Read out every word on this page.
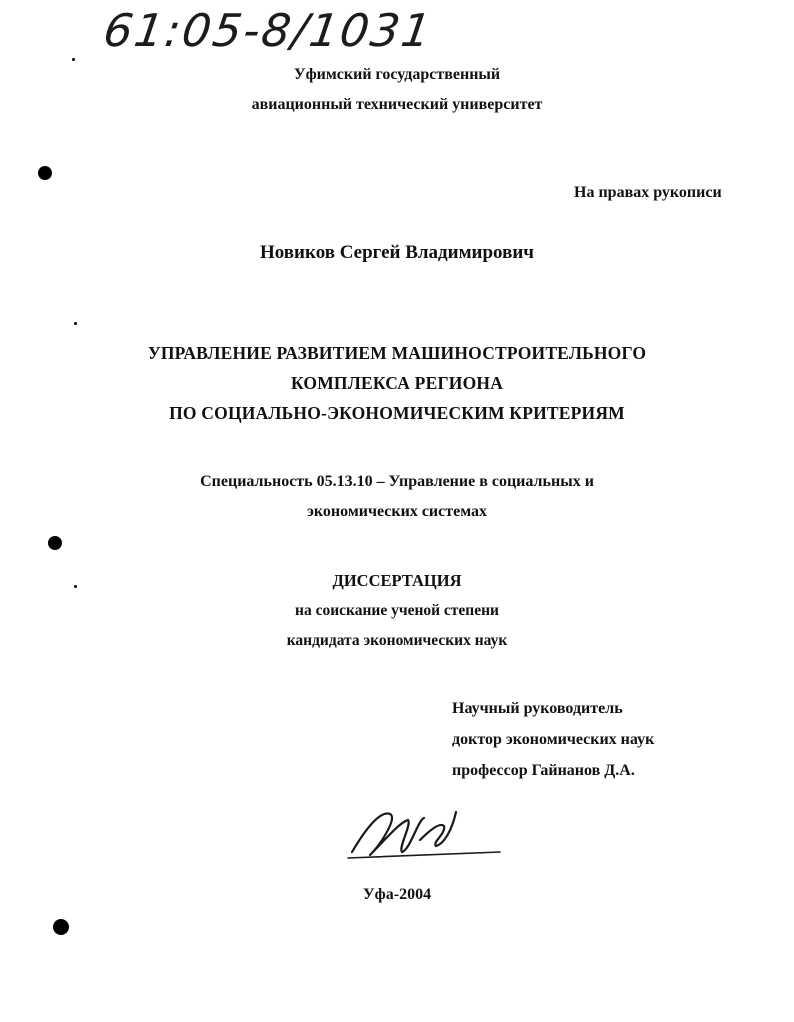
61:05-8/1031
Уфимский государственный
авиационный технический университет
На правах рукописи
Новиков Сергей Владимирович
УПРАВЛЕНИЕ РАЗВИТИЕМ МАШИНОСТРОИТЕЛЬНОГО
КОМПЛЕКСА РЕГИОНА
ПО СОЦИАЛЬНО-ЭКОНОМИЧЕСКИМ КРИТЕРИЯМ
Специальность 05.13.10 – Управление в социальных и
экономических системах
ДИССЕРТАЦИЯ
на соискание ученой степени
кандидата экономических наук
Научный руководитель
доктор экономических наук
профессор Гайнанов Д.А.
Уфа-2004
